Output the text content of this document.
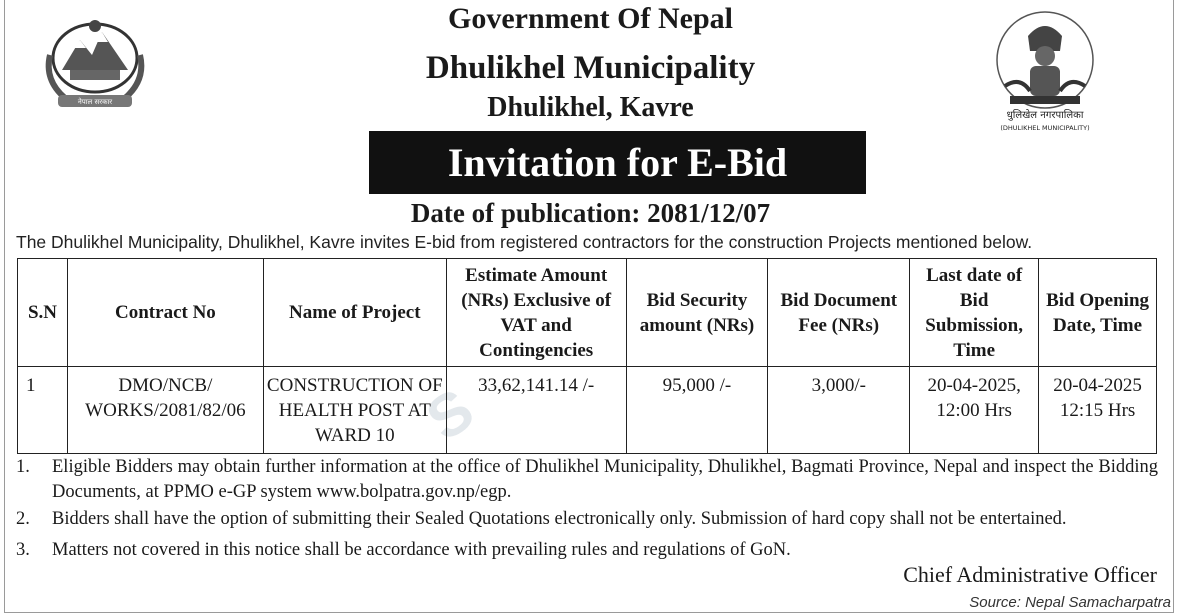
S
नेपाल सरकार
धुलिखेल नगरपालिका
(DHULIKHEL MUNICIPALITY)
Government Of Nepal
Dhulikhel Municipality
Dhulikhel, Kavre
Invitation for E-Bid
Date of publication: 2081/12/07
The Dhulikhel Municipality, Dhulikhel, Kavre invites E-bid from registered contractors for the construction Projects mentioned below.
S.N	Contract No	Name of Project	Estimate Amount (NRs) Exclusive of VAT and Contingencies	Bid Security amount (NRs)	Bid Document Fee (NRs)	Last date of Bid Submission, Time	Bid Opening Date, Time
1	DMO/NCB/ WORKS/2081/82/06	CONSTRUCTION OF HEALTH POST AT WARD 10	33,62,141.14 /-	95,000 /-	3,000/-	20-04-2025, 12:00 Hrs	20-04-2025 12:15 Hrs
1. Eligible Bidders may obtain further information at the office of Dhulikhel Municipality, Dhulikhel, Bagmati Province, Nepal and inspect the Bidding Documents, at PPMO e-GP system www.bolpatra.gov.np/egp.
2. Bidders shall have the option of submitting their Sealed Quotations electronically only. Submission of hard copy shall not be entertained.
3. Matters not covered in this notice shall be accordance with prevailing rules and regulations of GoN.
Chief Administrative Officer
Source: Nepal Samacharpatra
